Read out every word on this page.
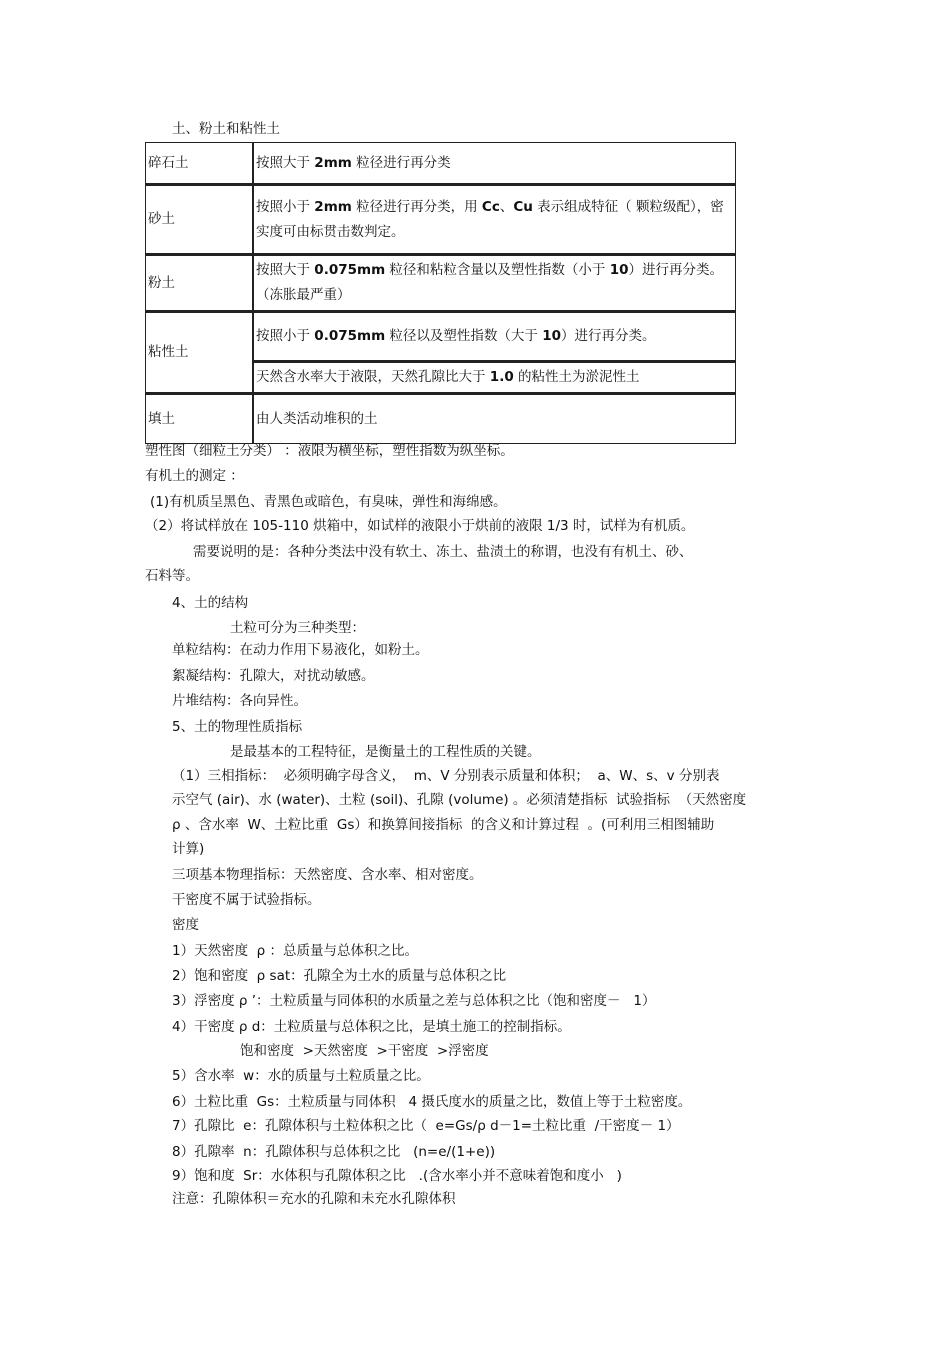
土、粉土和粘性土
碎石土	按照大于 2mm 粒径进行再分类
砂土	按照小于 2mm 粒径进行再分类，用 Cc、Cu 表示组成特征（ 颗粒级配），密实度可由标贯击数判定。
粉土	按照大于 0.075mm 粒径和粘粒含量以及塑性指数（小于 10）进行再分类。（冻胀最严重）
粘性土	按照小于 0.075mm 粒径以及塑性指数（大于 10）进行再分类。
	天然含水率大于液限，天然孔隙比大于 1.0 的粘性土为淤泥性土
填土	由人类活动堆积的土
塑性图（细粒土分类） ：液限为横坐标，塑性指数为纵坐标。
有机土的测定 ：
(1)有机质呈黑色、青黑色或暗色，有臭味，弹性和海绵感。
（2）将试样放在 105-110 烘箱中，如试样的液限小于烘前的液限 1/3 时，试样为有机质。
需要说明的是：各种分类法中没有软土、冻土、盐渍土的称谓，也没有有机土、砂、
石料等。
4、土的结构
土粒可分为三种类型：
单粒结构：在动力作用下易液化，如粉土。
絮凝结构：孔隙大，对扰动敏感。
片堆结构：各向异性。
5、土的物理性质指标
是最基本的工程特征，是衡量土的工程性质的关键。
（1）三相指标：  必须明确字母含义，  m、V 分别表示质量和体积；  a、W、s、v 分别表
示空气 (air)、水 (water)、土粒 (soil)、孔隙 (volume) 。必须清楚指标  试验指标  （天然密度
ρ 、含水率  W、土粒比重  Gs）和换算间接指标  的含义和计算过程  。(可利用三相图辅助
计算)
三项基本物理指标：天然密度、含水率、相对密度。
干密度不属于试验指标。
密度
1）天然密度  ρ ：总质量与总体积之比。
2）饱和密度  ρ sat：孔隙全为土水的质量与总体积之比
3）浮密度 ρ ’：土粒质量与同体积的水质量之差与总体积之比（饱和密度－   1）
4）干密度 ρ d：土粒质量与总体积之比，是填土施工的控制指标。
饱和密度  >天然密度  >干密度  >浮密度
5）含水率  w：水的质量与土粒质量之比。
6）土粒比重  Gs：土粒质量与同体积   4 摄氏度水的质量之比，数值上等于土粒密度。
7）孔隙比  e：孔隙体积与土粒体积之比（  e=Gs/ρ d－1=土粒比重  /干密度－ 1）
8）孔隙率  n：孔隙体积与总体积之比   (n=e/(1+e))
9）饱和度  Sr：水体积与孔隙体积之比   .(含水率小并不意味着饱和度小   )
注意：孔隙体积＝充水的孔隙和未充水孔隙体积
